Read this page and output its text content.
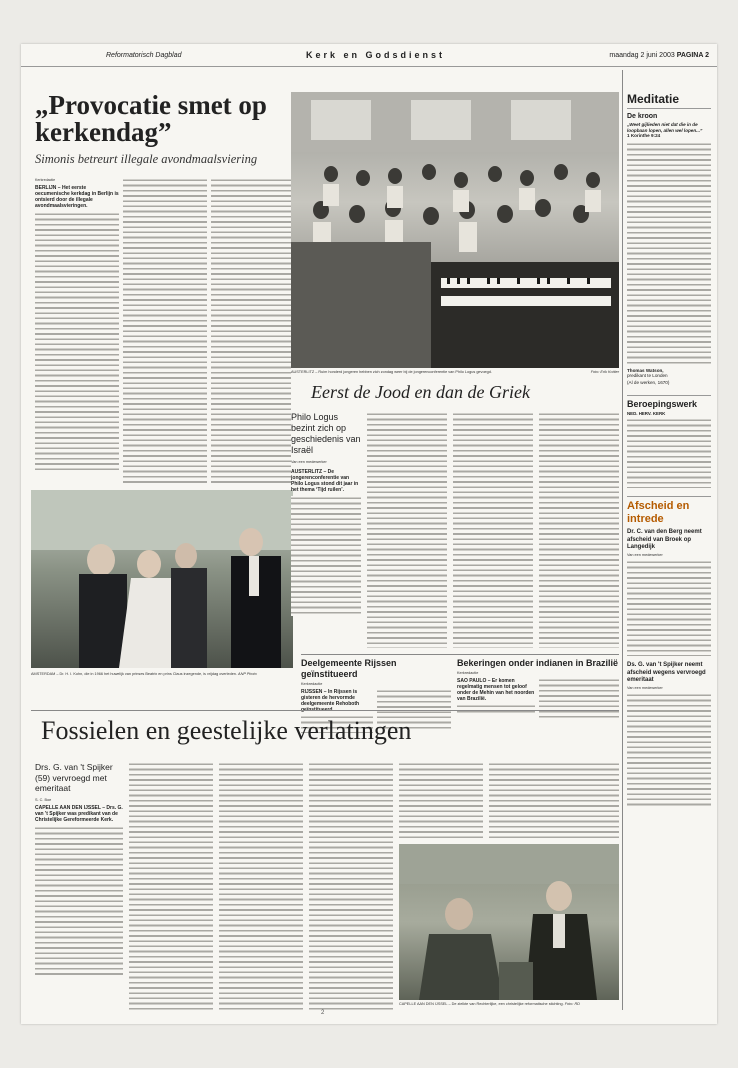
Reformatorisch Dagblad	Kerk en Godsdienst	maandag 2 juni 2003 PAGINA 2
„Provocatie smet op kerkendag”
Simonis betreurt illegale avondmaalsviering
Kerkredactie
BERLIJN – Het eerste oecumenische kerkdag in Berlijn is ontsierd door de illegale avondmaalsvieringen.
AMSTERDAM – Dr. H. I. Kohn, die in 1966 het huwelijk van prinses Beatrix en prins Claus inzegende, is vrijdag overleden. ANP Photo
AUSTERLITZ – Ruim honderd jongeren hebben zich zondag weer bij de jongerenconferentie van Philo Logus gevoegd.	Foto: Erik Kottier
Eerst de Jood en dan de Griek
Philo Logus bezint zich op geschiedenis van Israël
Van een medewerker
AUSTERLITZ – De jongerenconferentie van Philo Logus stond dit jaar in het thema ‘Tijd ruilen’.
Deelgemeente Rijssen geïnstitueerd
Kerkredactie
RIJSSEN – In Rijssen is gisteren de hervormde deelgemeente Rehoboth
Bekeringen onder indianen in Brazilië
Kerkredactie
SAO PAULO – Er komen regelmatig mensen tot geloof onder de Mehin van het noorden van Brazilië.
Fossielen en geestelijke verlatingen
Drs. G. van 't Spijker (59) vervroegd met emeritaat
S. C. Boe
CAPELLE AAN DEN IJSSEL – Drs. G. van 't Spijker was predikant van de Christelijke Gereformeerde Kerk.
CAPELLE AAN DEN IJSSEL – De zielkte van Rechterlijke, een christelijke reformatische stichting. Foto: RD
Meditatie
De kroon
„Weet gijlieden niet dat die in de loopbaan lopen, allen wel lopen...”
1 Korinthe 9:24
Thomas Watson,
predikant te Londen
(Al de werken, 1670)
Beroepingswerk
NED. HERV. KERK
Afscheid en intrede
Dr. C. van den Berg neemt afscheid van Broek op Langedijk
Van een medewerker
Ds. G. van 't Spijker neemt afscheid wegens vervroegd emeritaat
Van een medewerker
2
